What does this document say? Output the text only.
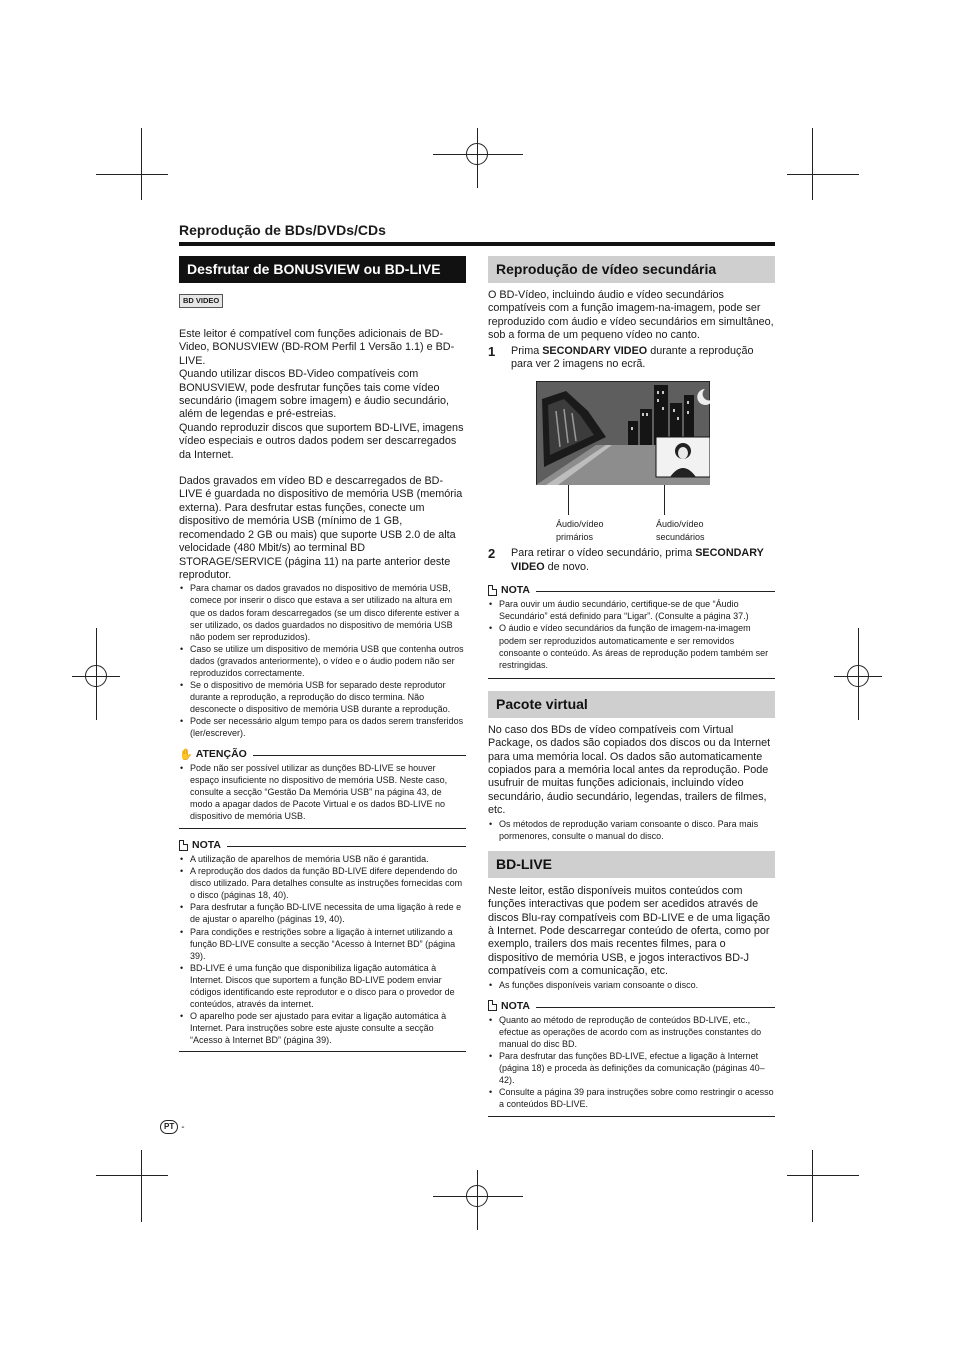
Reprodução de BDs/DVDs/CDs
Desfrutar de BONUSVIEW ou BD-LIVE
BD VIDEO

Este leitor é compatível com funções adicionais de BD-Video, BONUSVIEW (BD-ROM Perfil 1 Versão 1.1) e BD-LIVE.

Quando utilizar discos BD-Video compatíveis com BONUSVIEW, pode desfrutar funções tais come vídeo secundário (imagem sobre imagem) e áudio secundário, além de legendas e pré-estreias.

Quando reproduzir discos que suportem BD-LIVE, imagens vídeo especiais e outros dados podem ser descarregados da Internet.

Dados gravados em vídeo BD e descarregados de BD-LIVE é guardada no dispositivo de memória USB (memória externa). Para desfrutar estas funções, conecte um dispositivo de memória USB (mínimo de 1 GB, recomendado 2 GB ou mais) que suporte USB 2.0 de alta velocidade (480 Mbit/s) ao terminal BD STORAGE/SERVICE (página 11) na parte anterior deste reprodutor.

• Para chamar os dados gravados no dispositivo de memória USB, comece por inserir o disco que estava a ser utilizado na altura em que os dados foram descarregados (se um disco diferente estiver a ser utilizado, os dados guardados no dispositivo de memória USB não podem ser reproduzidos).
• Caso se utilize um dispositivo de memória USB que contenha outros dados (gravados anteriormente), o vídeo e o áudio podem não ser reproduzidos correctamente.
• Se o dispositivo de memória USB for separado deste reprodutor durante a reprodução, a reprodução do disco termina. Não desconecte o dispositivo de memória USB durante a reprodução.
• Pode ser necessário algum tempo para os dados serem transferidos (ler/escrever).
✋ ATENÇÃO
• Pode não ser possível utilizar as dunções BD-LIVE se houver espaço insuficiente no dispositivo de memória USB. Neste caso, consulte a secção “Gestão Da Memória USB” na página 43, de modo a apagar dados de Pacote Virtual e os dados BD-LIVE no dispositivo de memória USB.
NOTA
• A utilização de aparelhos de memória USB não é garantida.
• A reprodução dos dados da função BD-LIVE difere dependendo do disco utilizado. Para detalhes consulte as instruções fornecidas com o disco (páginas 18, 40).
• Para desfrutar a função BD-LIVE necessita de uma ligação à rede e de ajustar o aparelho (páginas 19, 40).
• Para condições e restrições sobre a ligação à internet utilizando a função BD-LIVE consulte a secção “Acesso à Internet BD” (página 39).
• BD-LIVE é uma função que disponibiliza ligação automática à Internet. Discos que suportem a função BD-LIVE podem enviar códigos identificando este reprodutor e o disco para o provedor de conteúdos, através da internet.
• O aparelho pode ser ajustado para evitar a ligação automática à Internet. Para instruções sobre este ajuste consulte a secção “Acesso à Internet BD” (página 39).
Reprodução de vídeo secundária

O BD-Vídeo, incluindo áudio e vídeo secundários compatíveis com a função imagem-na-imagem, pode ser reproduzido com áudio e vídeo secundários em simultâneo, sob a forma de um pequeno vídeo no canto.

1	Prima SECONDARY VIDEO durante a reprodução para ver 2 imagens no ecrã.
Áudio/vídeo
primários
Áudio/vídeo
secundários
2	Para retirar o vídeo secundário, prima SECONDARY VIDEO de novo.
NOTA
• Para ouvir um áudio secundário, certifique-se de que “Áudio Secundário” está definido para “Ligar”. (Consulte a página 37.)
• O áudio e vídeo secundários da função de imagem-na-imagem podem ser reproduzidos automaticamente e ser removidos consoante o conteúdo. As áreas de reprodução podem também ser restringidas.
Pacote virtual

No caso dos BDs de vídeo compatíveis com Virtual Package, os dados são copiados dos discos ou da Internet para uma memória local. Os dados são automaticamente copiados para a memória local antes da reprodução. Pode usufruir de muitas funções adicionais, incluindo vídeo secundário, áudio secundário, legendas, trailers de filmes, etc.

• Os métodos de reprodução variam consoante o disco. Para mais pormenores, consulte o manual do disco.
BD-LIVE

Neste leitor, estão disponíveis muitos conteúdos com funções interactivas que podem ser acedidos através de discos Blu-ray compatíveis com BD-LIVE e de uma ligação à Internet. Pode descarregar conteúdo de oferta, como por exemplo, trailers dos mais recentes filmes, para o dispositivo de memória USB, e jogos interactivos BD-J compatíveis com a comunicação, etc.

• As funções disponíveis variam consoante o disco.
NOTA
• Quanto ao método de reprodução de conteúdos BD-LIVE, etc., efectue as operações de acordo com as instruções constantes do manual do disc BD.
• Para desfrutar das funções BD-LIVE, efectue a ligação à Internet (página 18) e proceda às definições da comunicação (páginas 40–42).
• Consulte a página 39 para instruções sobre como restringir o acesso a conteúdos BD-LIVE.
PT -
